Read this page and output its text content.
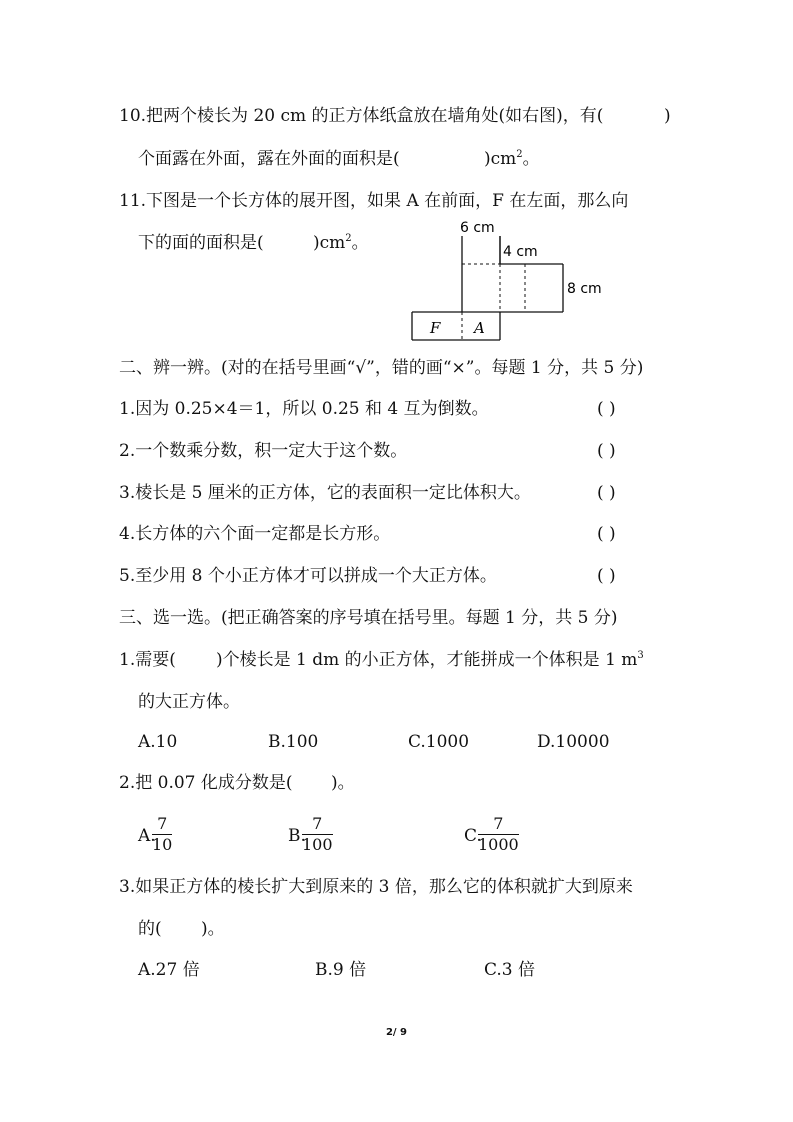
10.把两个棱长为 20 cm 的正方体纸盒放在墙角处(如右图)，有(	)
个面露在外面，露在外面的面积是(	)$cm^2$。
11.下图是一个长方体的展开图，如果 A 在前面，F 在左面，那么向
下的面的面积是(	)$cm^2$。
6 cm
4 cm
8 cm
F A
二、辨一辨。(对的在括号里画“√”，错的画“×”。每题 1 分，共 5 分)
1.因为 0.25×4＝1，所以 0.25 和 4 互为倒数。	( )
2.一个数乘分数，积一定大于这个数。	( )
3.棱长是 5 厘米的正方体，它的表面积一定比体积大。	( )
4.长方体的六个面一定都是长方形。	( )
5.至少用 8 个小正方体才可以拼成一个大正方体。	( )
三、选一选。(把正确答案的序号填在括号里。每题 1 分，共 5 分)
1.需要( )个棱长是 1 dm 的小正方体，才能拼成一个体积是 1 $m^3$
的大正方体。
A.10	B.100	C.1000	D.10000
2.把 0.07 化成分数是( )。
A.
$\frac{7}{10}$	B.
$\frac{7}{100}$	C.
$\frac{7}{1000}$
3.如果正方体的棱长扩大到原来的 3 倍，那么它的体积就扩大到原来
的( )。
A.27 倍	B.9 倍	C.3 倍
2/ 9
